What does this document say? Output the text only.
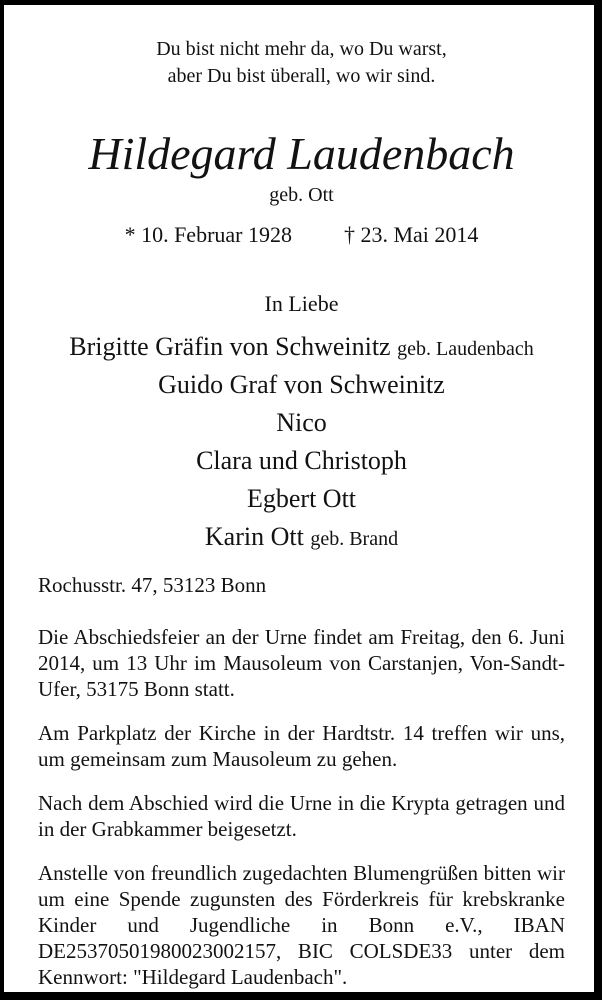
Du bist nicht mehr da, wo Du warst,
aber Du bist überall, wo wir sind.
Hildegard Laudenbach
geb. Ott
* 10. Februar 1928 † 23. Mai 2014
In Liebe
Brigitte Gräfin von Schweinitz geb. Laudenbach
Guido Graf von Schweinitz
Nico
Clara und Christoph
Egbert Ott
Karin Ott geb. Brand
Rochusstr. 47, 53123 Bonn

Die Abschiedsfeier an der Urne findet am Freitag, den 6. Juni 2014, um 13 Uhr im Mausoleum von Carstanjen, Von-Sandt-Ufer, 53175 Bonn statt.

Am Parkplatz der Kirche in der Hardtstr. 14 treffen wir uns, um gemeinsam zum Mausoleum zu gehen.

Nach dem Abschied wird die Urne in die Krypta getragen und in der Grabkammer beigesetzt.

Anstelle von freundlich zugedachten Blumengrüßen bitten wir um eine Spende zugunsten des Förderkreis für krebskranke Kinder und Jugendliche in Bonn e.V., IBAN DE25370501980023002157, BIC COLSDE33 unter dem Kennwort: "Hildegard Laudenbach".
